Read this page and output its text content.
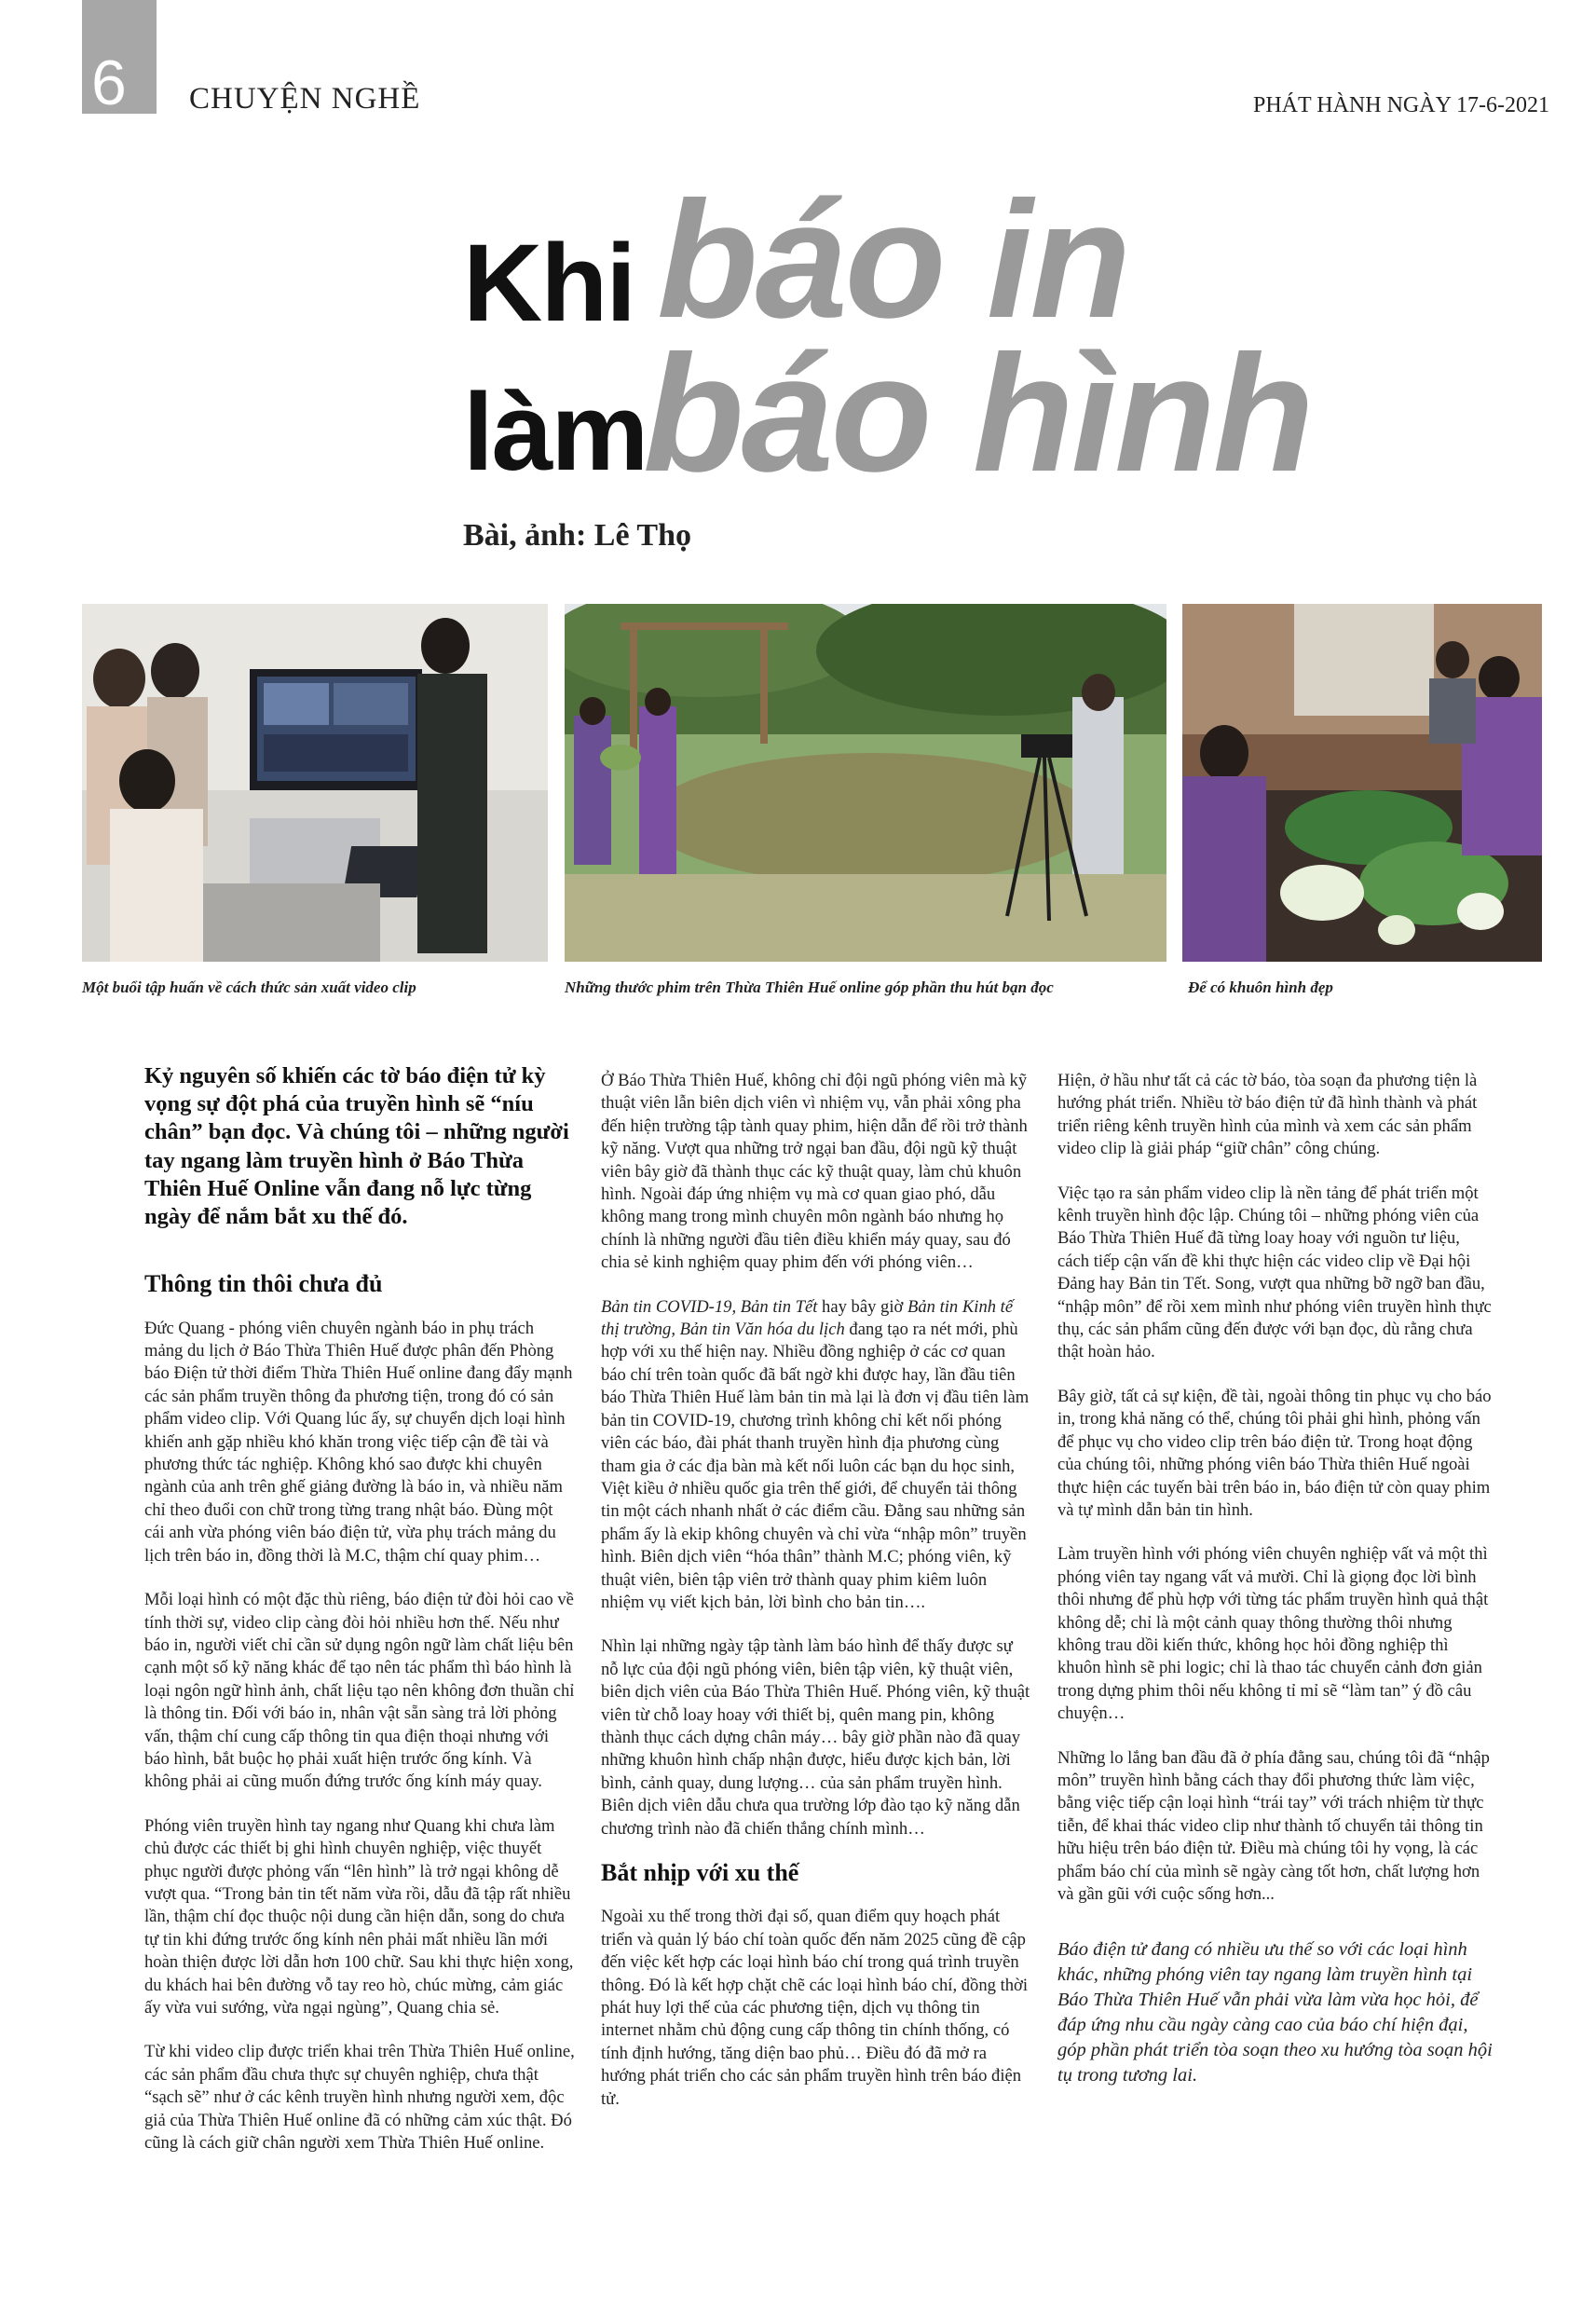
6 CHUYỆN NGHỀ	PHÁT HÀNH NGÀY 17-6-2021
Khi báo in
làm
báo hình
Bài, ảnh: Lê Thọ
Một buổi tập huấn về cách thức sản xuất video clip	Những thước phim trên Thừa Thiên Huế online góp phần thu hút bạn đọc	Để có khuôn hình đẹp

Kỷ nguyên số khiến các tờ báo điện tử kỳ vọng sự đột phá của truyền hình sẽ “níu chân” bạn đọc. Và chúng tôi – những người tay ngang làm truyền hình ở Báo Thừa Thiên Huế Online vẫn đang nỗ lực từng ngày để nắm bắt xu thế đó.

Thông tin thôi chưa đủ

Đức Quang - phóng viên chuyên ngành báo in phụ trách mảng du lịch ở Báo Thừa Thiên Huế được phân đến Phòng báo Điện tử thời điểm Thừa Thiên Huế online đang đẩy mạnh các sản phẩm truyền thông đa phương tiện, trong đó có sản phẩm video clip. Với Quang lúc ấy, sự chuyển dịch loại hình khiến anh gặp nhiều khó khăn trong việc tiếp cận đề tài và phương thức tác nghiệp. Không khó sao được khi chuyên ngành của anh trên ghế giảng đường là báo in, và nhiều năm chỉ theo đuổi con chữ trong từng trang nhật báo. Đùng một cái anh vừa phóng viên báo điện tử, vừa phụ trách mảng du lịch trên báo in, đồng thời là M.C, thậm chí quay phim…

Mỗi loại hình có một đặc thù riêng, báo điện tử đòi hỏi cao về tính thời sự, video clip càng đòi hỏi nhiều hơn thế. Nếu như báo in, người viết chỉ cần sử dụng ngôn ngữ làm chất liệu bên cạnh một số kỹ năng khác để tạo nên tác phẩm thì báo hình là loại ngôn ngữ hình ảnh, chất liệu tạo nên không đơn thuần chỉ là thông tin. Đối với báo in, nhân vật sẵn sàng trả lời phỏng vấn, thậm chí cung cấp thông tin qua điện thoại nhưng với báo hình, bắt buộc họ phải xuất hiện trước ống kính. Và không phải ai cũng muốn đứng trước ống kính máy quay.

Phóng viên truyền hình tay ngang như Quang khi chưa làm chủ được các thiết bị ghi hình chuyên nghiệp, việc thuyết phục người được phỏng vấn “lên hình” là trở ngại không dễ vượt qua. “Trong bản tin tết năm vừa rồi, dẫu đã tập rất nhiều lần, thậm chí đọc thuộc nội dung cần hiện dẫn, song do chưa tự tin khi đứng trước ống kính nên phải mất nhiều lần mới hoàn thiện được lời dẫn hơn 100 chữ. Sau khi thực hiện xong, du khách hai bên đường vỗ tay reo hò, chúc mừng, cảm giác ấy vừa vui sướng, vừa ngại ngùng”, Quang chia sẻ.

Từ khi video clip được triển khai trên Thừa Thiên Huế online, các sản phẩm đầu chưa thực sự chuyên nghiệp, chưa thật “sạch sẽ” như ở các kênh truyền hình nhưng người xem, độc giả của Thừa Thiên Huế online đã có những cảm xúc thật. Đó cũng là cách giữ chân người xem Thừa Thiên Huế online.

Ở Báo Thừa Thiên Huế, không chỉ đội ngũ phóng viên mà kỹ thuật viên lẫn biên dịch viên vì nhiệm vụ, vẫn phải xông pha đến hiện trường tập tành quay phim, hiện dẫn để rồi trở thành kỹ năng. Vượt qua những trở ngại ban đầu, đội ngũ kỹ thuật viên bây giờ đã thành thục các kỹ thuật quay, làm chủ khuôn hình. Ngoài đáp ứng nhiệm vụ mà cơ quan giao phó, dẫu không mang trong mình chuyên môn ngành báo nhưng họ chính là những người đầu tiên điều khiển máy quay, sau đó chia sẻ kinh nghiệm quay phim đến với phóng viên…

Bản tin COVID-19, Bản tin Tết hay bây giờ Bản tin Kinh tế thị trường, Bản tin Văn hóa du lịch đang tạo ra nét mới, phù hợp với xu thế hiện nay. Nhiều đồng nghiệp ở các cơ quan báo chí trên toàn quốc đã bất ngờ khi được hay, lần đầu tiên báo Thừa Thiên Huế làm bản tin mà lại là đơn vị đầu tiên làm bản tin COVID-19, chương trình không chỉ kết nối phóng viên các báo, đài phát thanh truyền hình địa phương cùng tham gia ở các địa bàn mà kết nối luôn các bạn du học sinh, Việt kiều ở nhiều quốc gia trên thế giới, để chuyển tải thông tin một cách nhanh nhất ở các điểm cầu. Đằng sau những sản phẩm ấy là ekip không chuyên và chỉ vừa “nhập môn” truyền hình. Biên dịch viên “hóa thân” thành M.C; phóng viên, kỹ thuật viên, biên tập viên trở thành quay phim kiêm luôn nhiệm vụ viết kịch bản, lời bình cho bản tin….

Nhìn lại những ngày tập tành làm báo hình để thấy được sự nỗ lực của đội ngũ phóng viên, biên tập viên, kỹ thuật viên, biên dịch viên của Báo Thừa Thiên Huế. Phóng viên, kỹ thuật viên từ chỗ loay hoay với thiết bị, quên mang pin, không thành thục cách dựng chân máy… bây giờ phần nào đã quay những khuôn hình chấp nhận được, hiểu được kịch bản, lời bình, cảnh quay, dung lượng… của sản phẩm truyền hình. Biên dịch viên dẫu chưa qua trường lớp đào tạo kỹ năng dẫn chương trình nào đã chiến thắng chính mình…

Bắt nhịp với xu thế

Ngoài xu thế trong thời đại số, quan điểm quy hoạch phát triển và quản lý báo chí toàn quốc đến năm 2025 cũng đề cập đến việc kết hợp các loại hình báo chí trong quá trình truyền thông. Đó là kết hợp chặt chẽ các loại hình báo chí, đồng thời phát huy lợi thế của các phương tiện, dịch vụ thông tin internet nhằm chủ động cung cấp thông tin chính thống, có tính định hướng, tăng diện bao phủ… Điều đó đã mở ra hướng phát triển cho các sản phẩm truyền hình trên báo điện tử.

Hiện, ở hầu như tất cả các tờ báo, tòa soạn đa phương tiện là hướng phát triển. Nhiều tờ báo điện tử đã hình thành và phát triển riêng kênh truyền hình của mình và xem các sản phẩm video clip là giải pháp “giữ chân” công chúng.

Việc tạo ra sản phẩm video clip là nền tảng để phát triển một kênh truyền hình độc lập. Chúng tôi – những phóng viên của Báo Thừa Thiên Huế đã từng loay hoay với nguồn tư liệu, cách tiếp cận vấn đề khi thực hiện các video clip về Đại hội Đảng hay Bản tin Tết. Song, vượt qua những bỡ ngỡ ban đầu, “nhập môn” để rồi xem mình như phóng viên truyền hình thực thụ, các sản phẩm cũng đến được với bạn đọc, dù rằng chưa thật hoàn hảo.

Bây giờ, tất cả sự kiện, đề tài, ngoài thông tin phục vụ cho báo in, trong khả năng có thể, chúng tôi phải ghi hình, phỏng vấn để phục vụ cho video clip trên báo điện tử. Trong hoạt động của chúng tôi, những phóng viên báo Thừa thiên Huế ngoài thực hiện các tuyến bài trên báo in, báo điện tử còn quay phim và tự mình dẫn bản tin hình.

Làm truyền hình với phóng viên chuyên nghiệp vất vả một thì phóng viên tay ngang vất vả mười. Chỉ là giọng đọc lời bình thôi nhưng để phù hợp với từng tác phẩm truyền hình quả thật không dễ; chỉ là một cảnh quay thông thường thôi nhưng không trau dồi kiến thức, không học hỏi đồng nghiệp thì khuôn hình sẽ phi logic; chỉ là thao tác chuyển cảnh đơn giản trong dựng phim thôi nếu không tỉ mỉ sẽ “làm tan” ý đồ câu chuyện…

Những lo lắng ban đầu đã ở phía đằng sau, chúng tôi đã “nhập môn” truyền hình bằng cách thay đổi phương thức làm việc, bằng việc tiếp cận loại hình “trái tay” với trách nhiệm từ thực tiễn, để khai thác video clip như thành tố chuyển tải thông tin hữu hiệu trên báo điện tử. Điều mà chúng tôi hy vọng, là các phẩm báo chí của mình sẽ ngày càng tốt hơn, chất lượng hơn và gần gũi với cuộc sống hơn...

Báo điện tử đang có nhiều ưu thế so với các loại hình khác, những phóng viên tay ngang làm truyền hình tại Báo Thừa Thiên Huế vẫn phải vừa làm vừa học hỏi, để đáp ứng nhu cầu ngày càng cao của báo chí hiện đại, góp phần phát triển tòa soạn theo xu hướng tòa soạn hội tụ trong tương lai.
